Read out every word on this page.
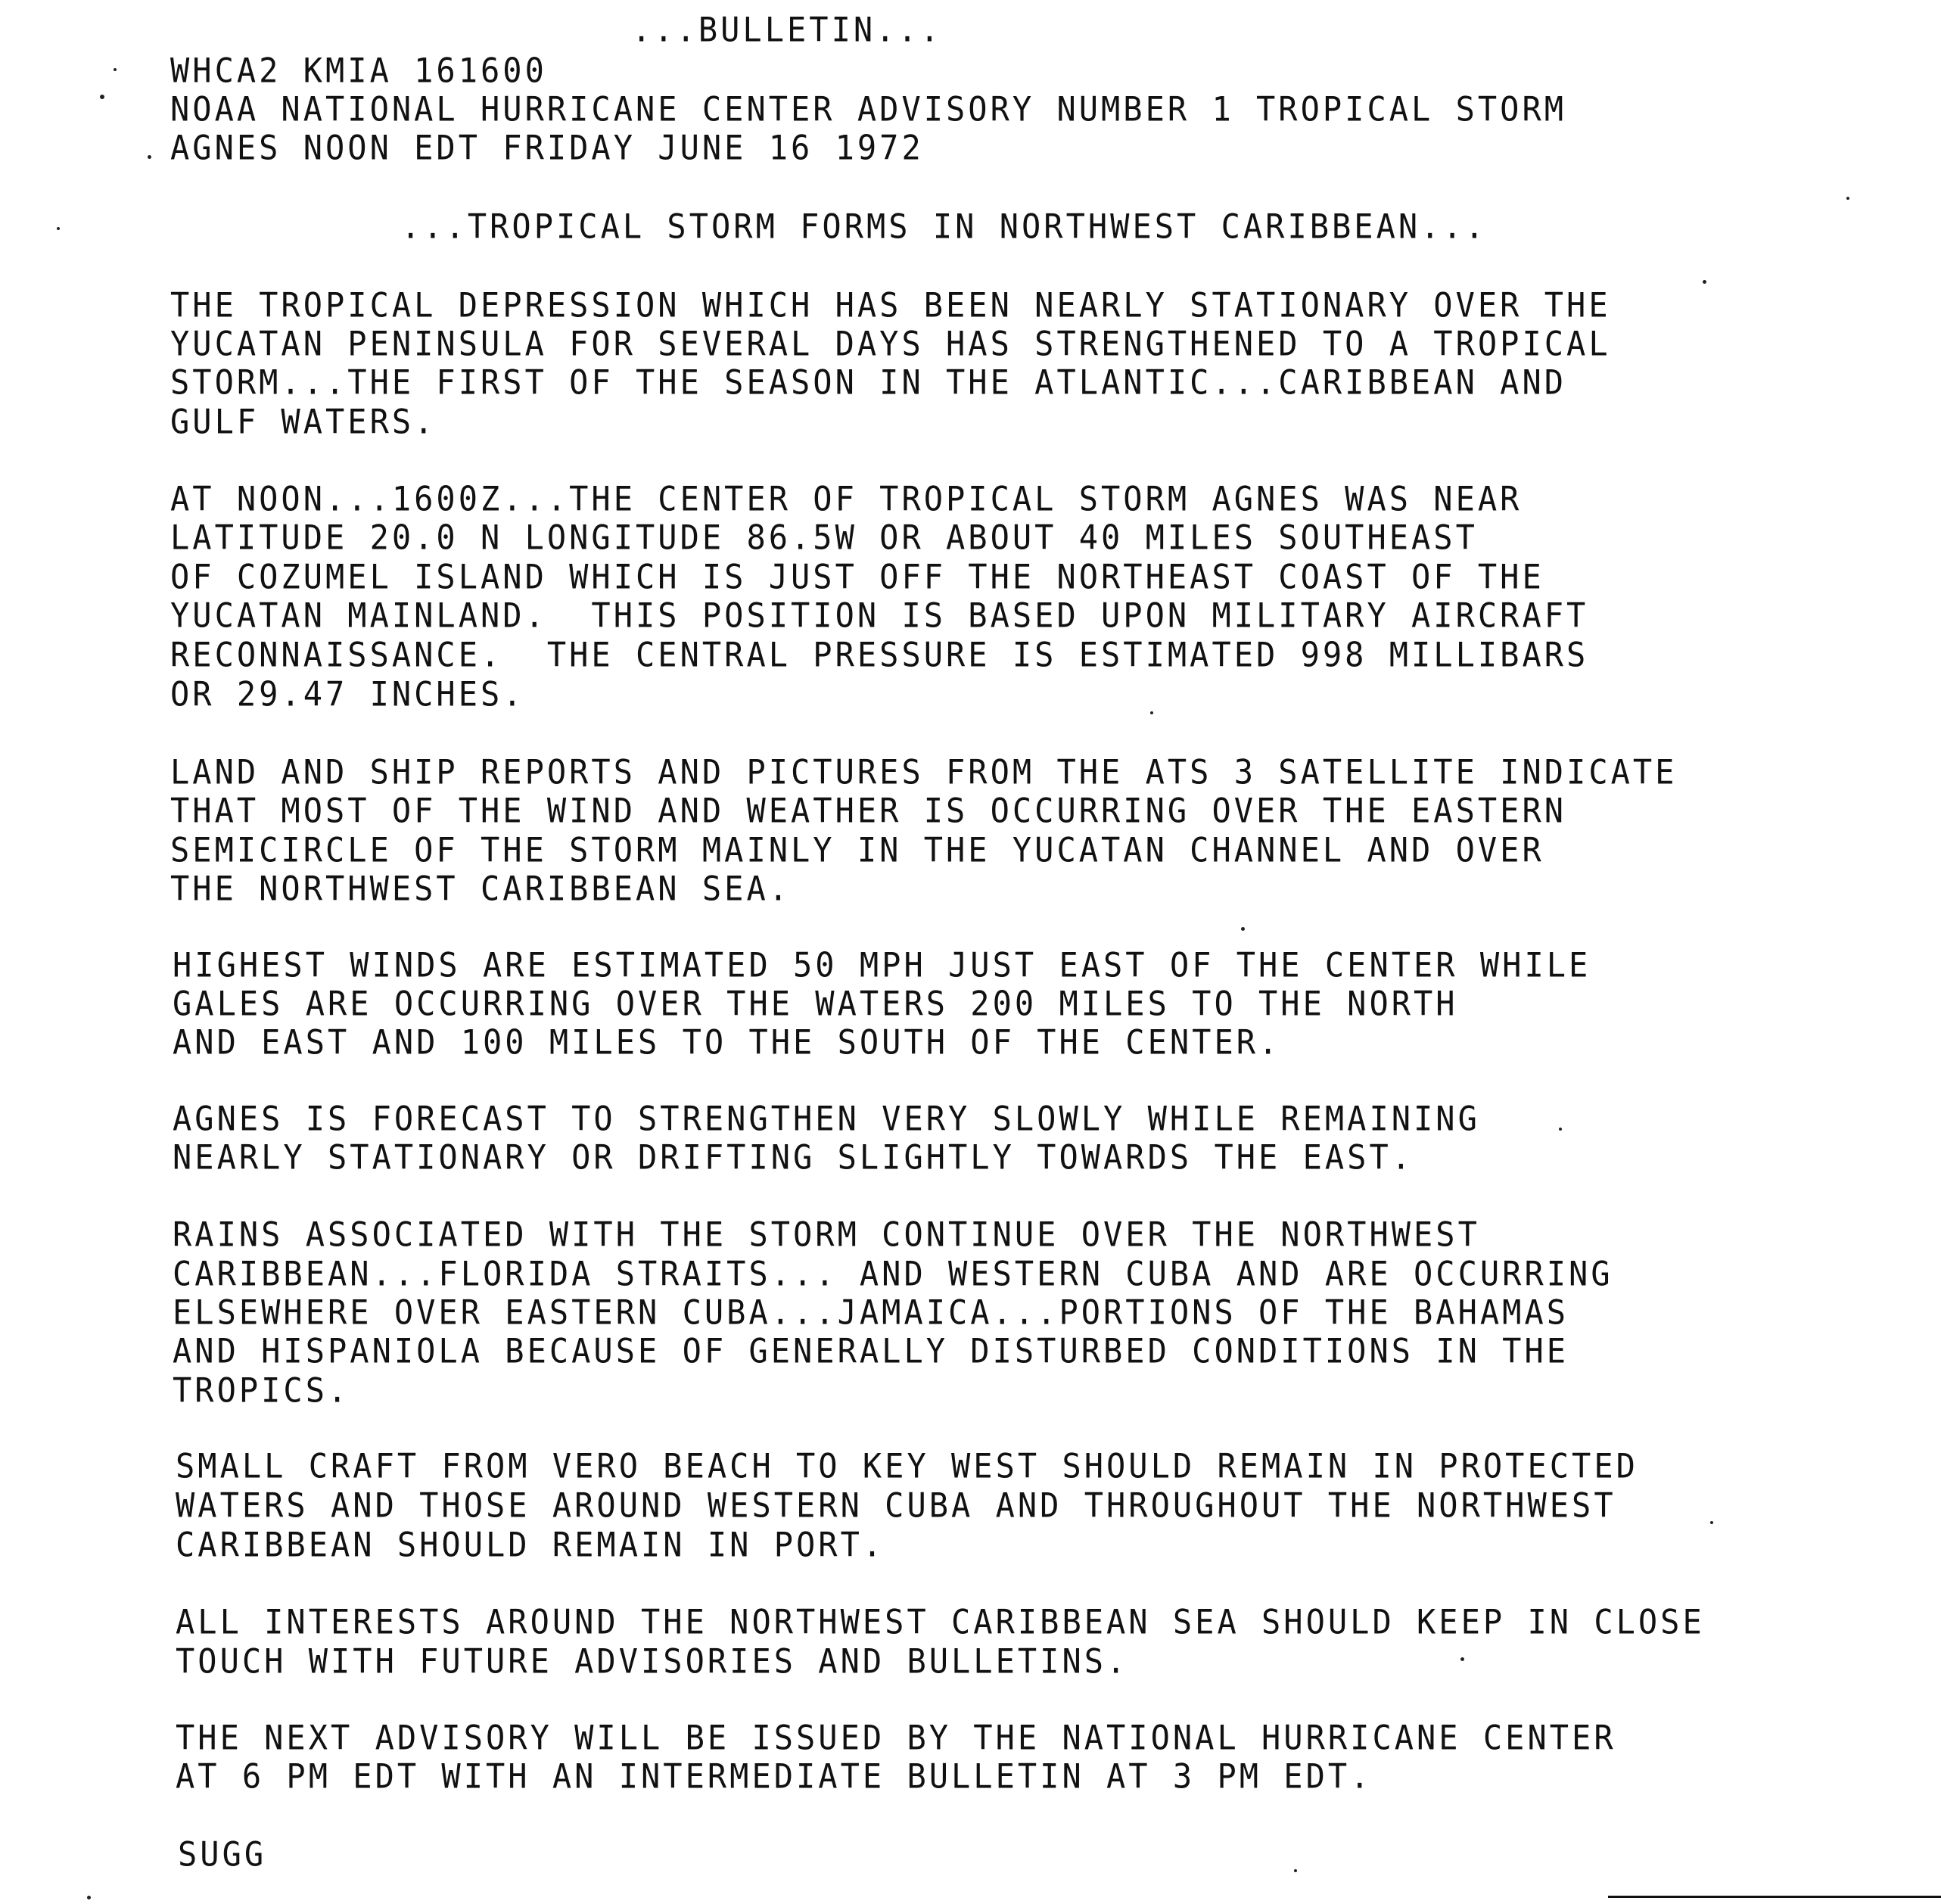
...BULLETIN...
WHCA2 KMIA 161600
NOAA NATIONAL HURRICANE CENTER ADVISORY NUMBER 1 TROPICAL STORM
AGNES NOON EDT FRIDAY JUNE 16 1972
...TROPICAL STORM FORMS IN NORTHWEST CARIBBEAN...
THE TROPICAL DEPRESSION WHICH HAS BEEN NEARLY STATIONARY OVER THE
YUCATAN PENINSULA FOR SEVERAL DAYS HAS STRENGTHENED TO A TROPICAL
STORM...THE FIRST OF THE SEASON IN THE ATLANTIC...CARIBBEAN AND
GULF WATERS.
AT NOON...1600Z...THE CENTER OF TROPICAL STORM AGNES WAS NEAR
LATITUDE 20.0 N LONGITUDE 86.5W OR ABOUT 40 MILES SOUTHEAST
OF COZUMEL ISLAND WHICH IS JUST OFF THE NORTHEAST COAST OF THE
YUCATAN MAINLAND.  THIS POSITION IS BASED UPON MILITARY AIRCRAFT
RECONNAISSANCE.  THE CENTRAL PRESSURE IS ESTIMATED 998 MILLIBARS
OR 29.47 INCHES.
LAND AND SHIP REPORTS AND PICTURES FROM THE ATS 3 SATELLITE INDICATE
THAT MOST OF THE WIND AND WEATHER IS OCCURRING OVER THE EASTERN
SEMICIRCLE OF THE STORM MAINLY IN THE YUCATAN CHANNEL AND OVER
THE NORTHWEST CARIBBEAN SEA.
HIGHEST WINDS ARE ESTIMATED 50 MPH JUST EAST OF THE CENTER WHILE
GALES ARE OCCURRING OVER THE WATERS 200 MILES TO THE NORTH
AND EAST AND 100 MILES TO THE SOUTH OF THE CENTER.
AGNES IS FORECAST TO STRENGTHEN VERY SLOWLY WHILE REMAINING
NEARLY STATIONARY OR DRIFTING SLIGHTLY TOWARDS THE EAST.
RAINS ASSOCIATED WITH THE STORM CONTINUE OVER THE NORTHWEST
CARIBBEAN...FLORIDA STRAITS... AND WESTERN CUBA AND ARE OCCURRING
ELSEWHERE OVER EASTERN CUBA...JAMAICA...PORTIONS OF THE BAHAMAS
AND HISPANIOLA BECAUSE OF GENERALLY DISTURBED CONDITIONS IN THE
TROPICS.
SMALL CRAFT FROM VERO BEACH TO KEY WEST SHOULD REMAIN IN PROTECTED
WATERS AND THOSE AROUND WESTERN CUBA AND THROUGHOUT THE NORTHWEST
CARIBBEAN SHOULD REMAIN IN PORT.
ALL INTERESTS AROUND THE NORTHWEST CARIBBEAN SEA SHOULD KEEP IN CLOSE
TOUCH WITH FUTURE ADVISORIES AND BULLETINS.
THE NEXT ADVISORY WILL BE ISSUED BY THE NATIONAL HURRICANE CENTER
AT 6 PM EDT WITH AN INTERMEDIATE BULLETIN AT 3 PM EDT.
SUGG
